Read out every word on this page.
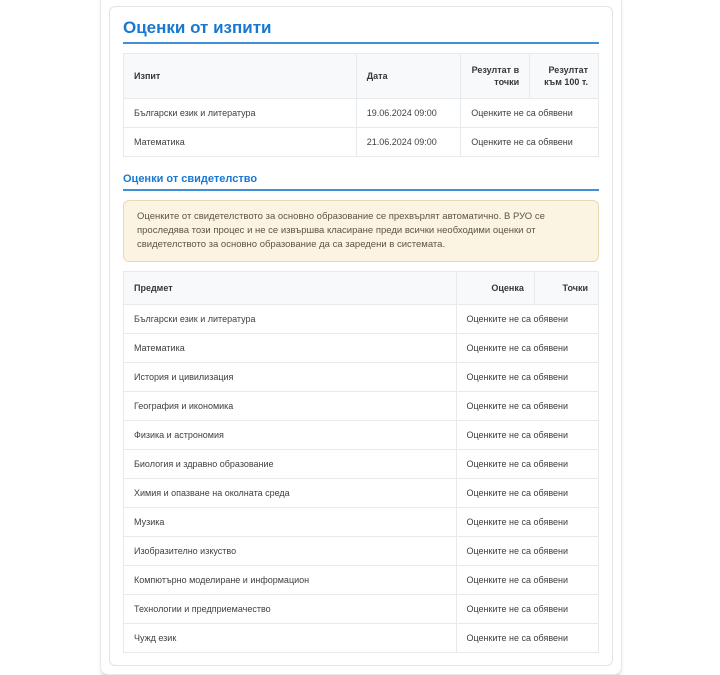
Оценки от изпити
Изпит	Дата	Резултат в точки	Резултат към 100 т.
Български език и литература	19.06.2024 09:00	Оценките не са обявени	
Математика	21.06.2024 09:00	Оценките не са обявени	
Оценки от свидетелство
Оценките от свидетелството за основно образование се прехвърлят автоматично. В РУО се проследява този процес и не се извършва класиране преди всички необходими оценки от свидетелството за основно образование да са заредени в системата.
Предмет	Оценка	Точки
Български език и литература	Оценките не са обявени	
Математика	Оценките не са обявени	
История и цивилизация	Оценките не са обявени	
География и икономика	Оценките не са обявени	
Физика и астрономия	Оценките не са обявени	
Биология и здравно образование	Оценките не са обявени	
Химия и опазване на околната среда	Оценките не са обявени	
Музика	Оценките не са обявени	
Изобразително изкуство	Оценките не са обявени	
Компютърно моделиране и информацион	Оценките не са обявени	
Технологии и предприемачество	Оценките не са обявени	
Чужд език	Оценките не са обявени	
